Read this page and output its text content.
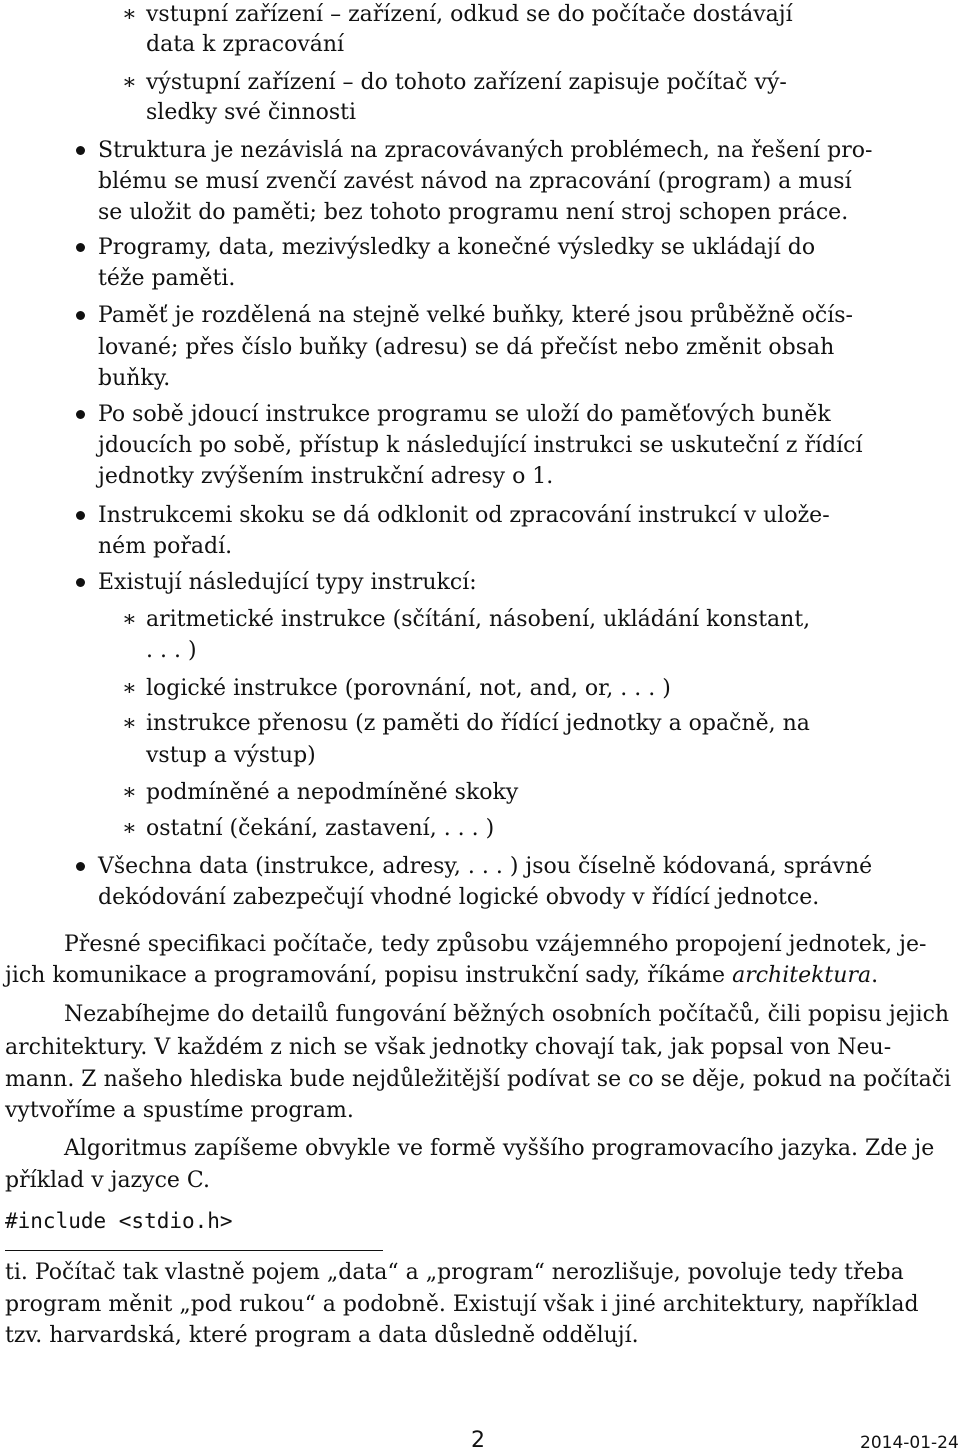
∗ vstupní zařízení – zařízení, odkud se do počítače dostávají
data k zpracování
∗ výstupní zařízení – do tohoto zařízení zapisuje počítač vý-
sledky své činnosti
Struktura je nezávislá na zpracovávaných problémech, na řešení pro-
blému se musí zvenčí zavést návod na zpracování (program) a musí
se uložit do paměti; bez tohoto programu není stroj schopen práce.
Programy, data, mezivýsledky a konečné výsledky se ukládají do
téže paměti.
Paměť je rozdělená na stejně velké buňky, které jsou průběžně očís-
lované; přes číslo buňky (adresu) se dá přečíst nebo změnit obsah
buňky.
Po sobě jdoucí instrukce programu se uloží do paměťových buněk
jdoucích po sobě, přístup k následující instrukci se uskuteční z řídící
jednotky zvýšením instrukční adresy o 1.
Instrukcemi skoku se dá odklonit od zpracování instrukcí v ulože-
ném pořadí.
Existují následující typy instrukcí:
∗ aritmetické instrukce (sčítání, násobení, ukládání konstant,
. . . )
∗ logické instrukce (porovnání, not, and, or, . . . )
∗ instrukce přenosu (z paměti do řídící jednotky a opačně, na
vstup a výstup)
∗ podmíněné a nepodmíněné skoky
∗ ostatní (čekání, zastavení, . . . )
Všechna data (instrukce, adresy, . . . ) jsou číselně kódovaná, správné
dekódování zabezpečují vhodné logické obvody v řídící jednotce.
Přesné specifikaci počítače, tedy způsobu vzájemného propojení jednotek, je-
jich komunikace a programování, popisu instrukční sady, říkáme architektura.
Nezabíhejme do detailů fungování běžných osobních počítačů, čili popisu jejich
architektury. V každém z nich se však jednotky chovají tak, jak popsal von Neu-
mann. Z našeho hlediska bude nejdůležitější podívat se co se děje, pokud na počítači
vytvoříme a spustíme program.
Algoritmus zapíšeme obvykle ve formě vyššího programovacího jazyka. Zde je
příklad v jazyce C.
#include <stdio.h>
ti. Počítač tak vlastně pojem „data“ a „program“ nerozlišuje, povoluje tedy třeba
program měnit „pod rukou“ a podobně. Existují však i jiné architektury, například
tzv. harvardská, které program a data důsledně oddělují.
2	2014-01-24
